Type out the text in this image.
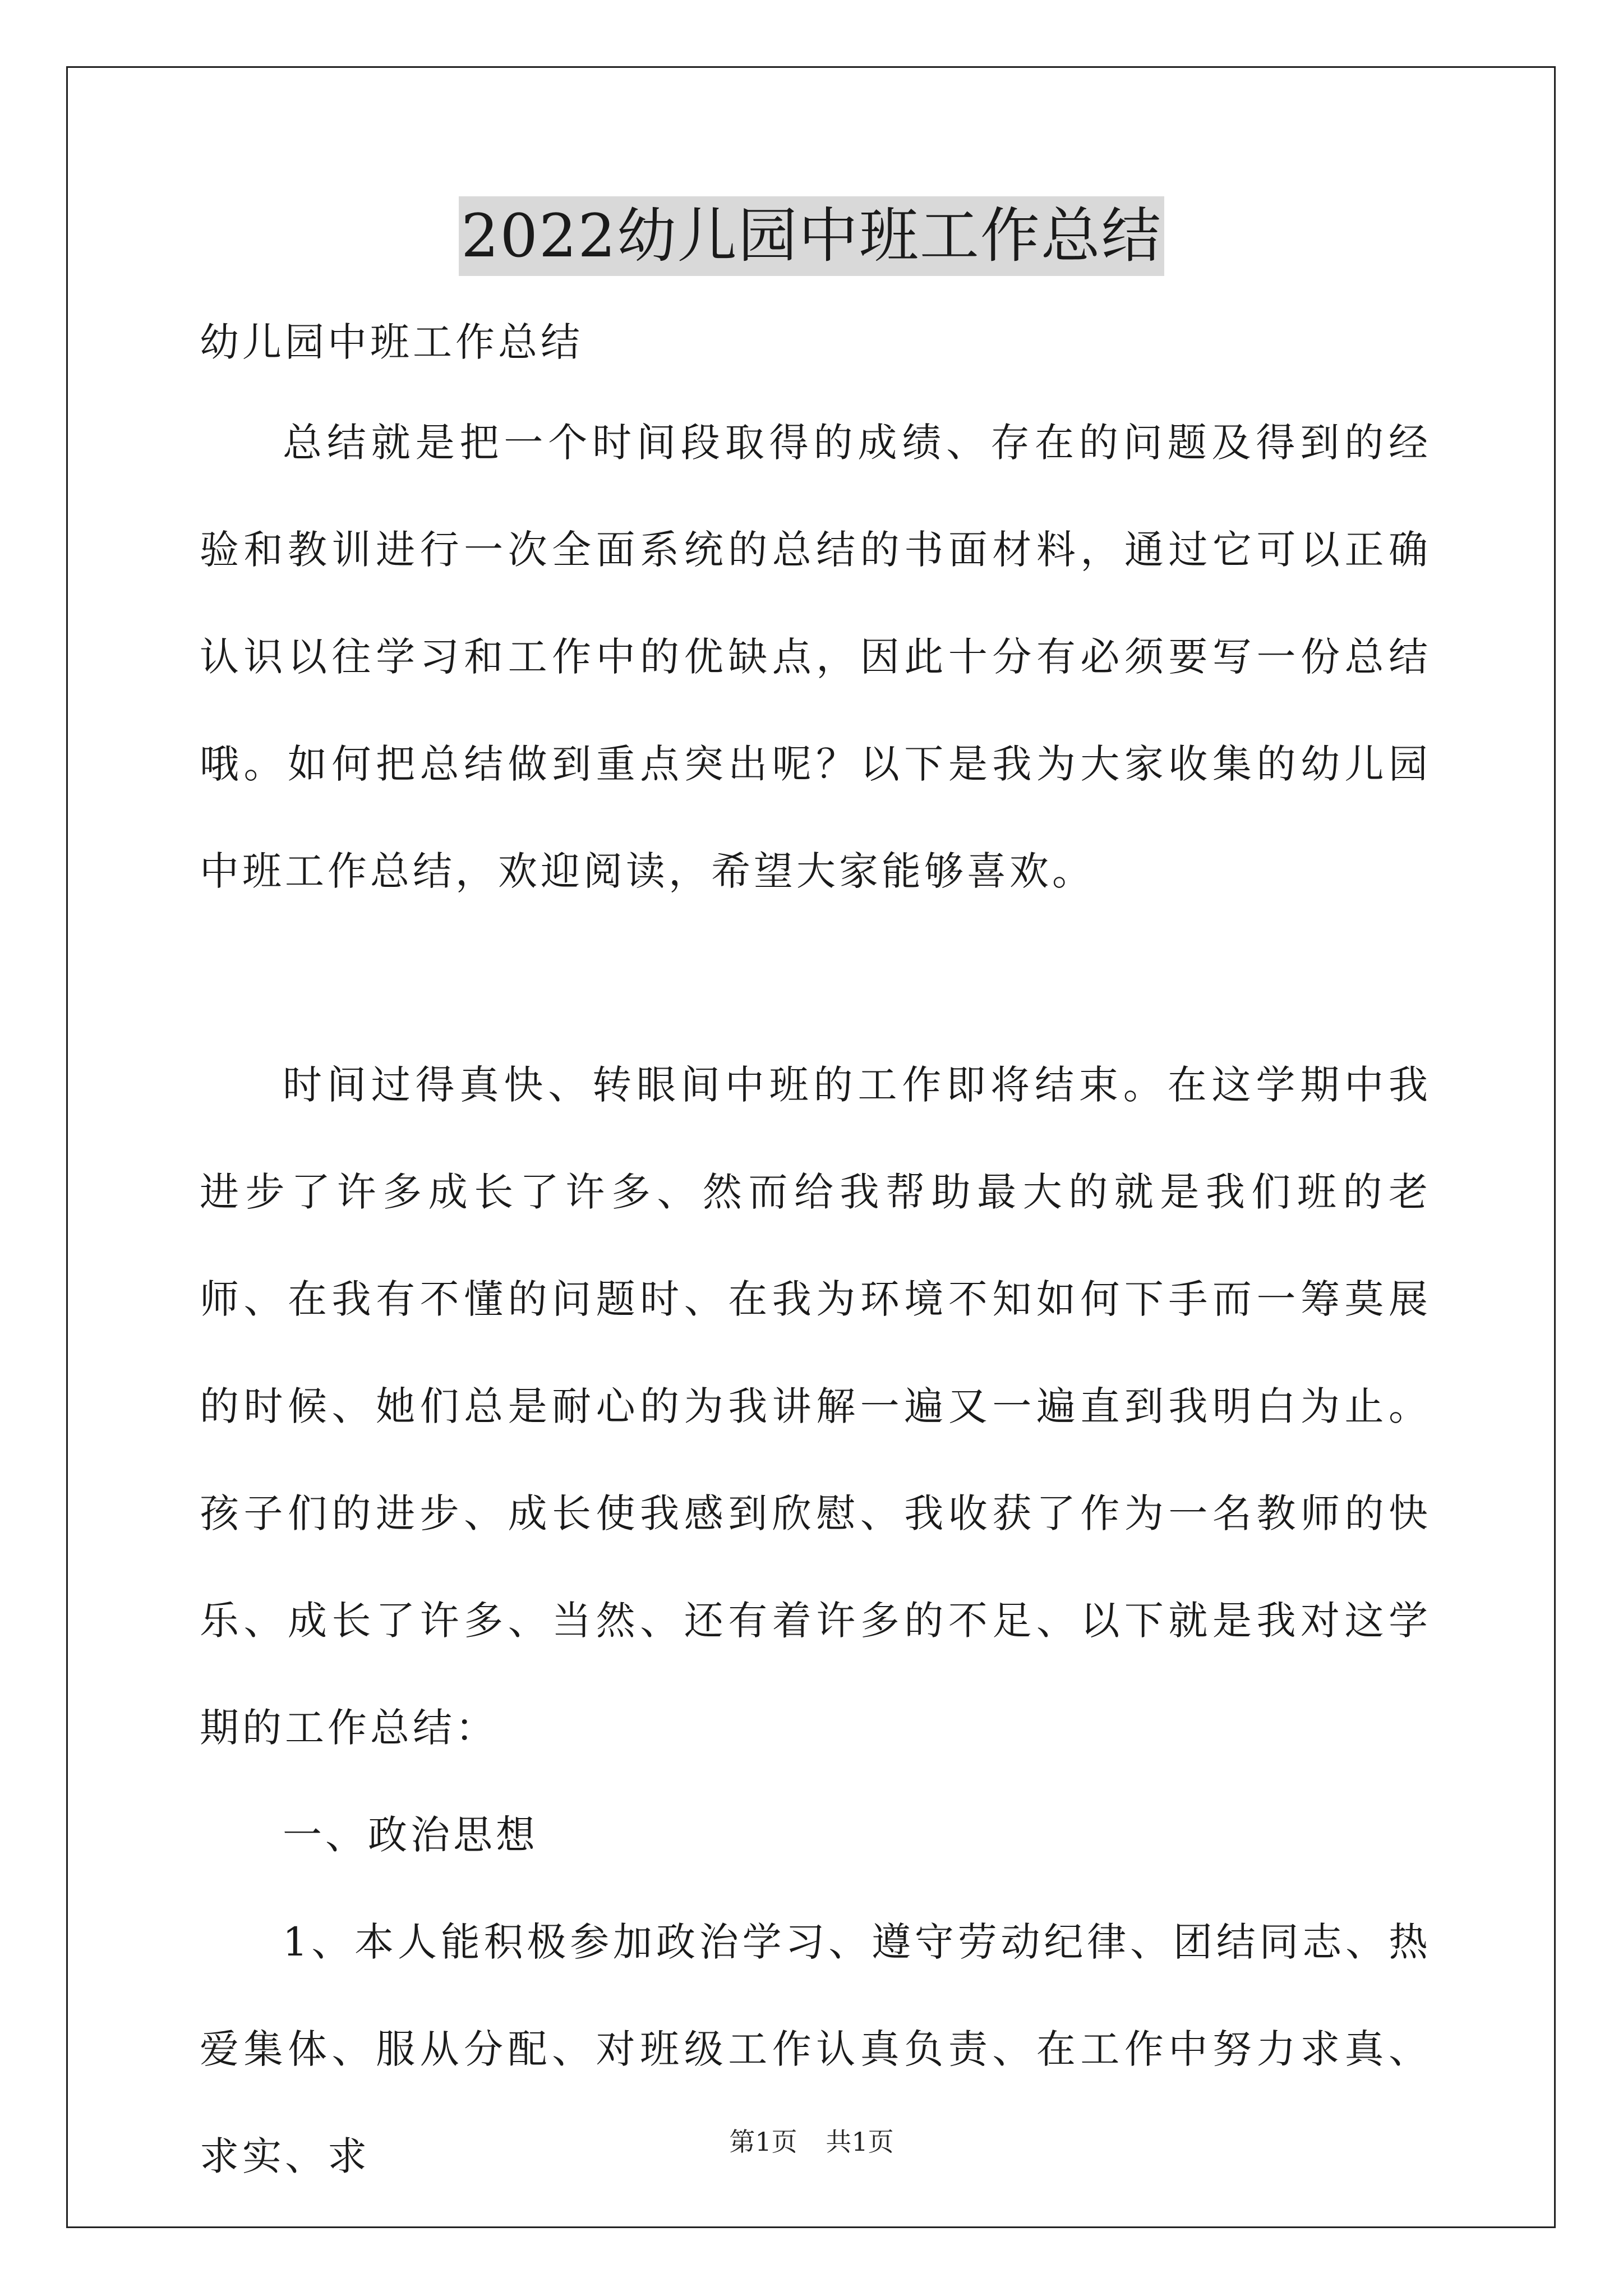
2022幼儿园中班工作总结

幼儿园中班工作总结

总结就是把一个时间段取得的成绩、存在的问题及得到的经验和教训进行一次全面系统的总结的书面材料，通过它可以正确认识以往学习和工作中的优缺点，因此十分有必须要写一份总结哦。如何把总结做到重点突出呢？以下是我为大家收集的幼儿园中班工作总结，欢迎阅读，希望大家能够喜欢。

时间过得真快、转眼间中班的工作即将结束。在这学期中我进步了许多成长了许多、然而给我帮助最大的就是我们班的老师、在我有不懂的问题时、在我为环境不知如何下手而一筹莫展的时候、她们总是耐心的为我讲解一遍又一遍直到我明白为止。孩子们的进步、成长使我感到欣慰、我收获了作为一名教师的快乐、成长了许多、当然、还有着许多的不足、以下就是我对这学期的工作总结：

一、政治思想

1、本人能积极参加政治学习、遵守劳动纪律、团结同志、热爱集体、服从分配、对班级工作认真负责、在工作中努力求真、求实、求	第1页 共1页
